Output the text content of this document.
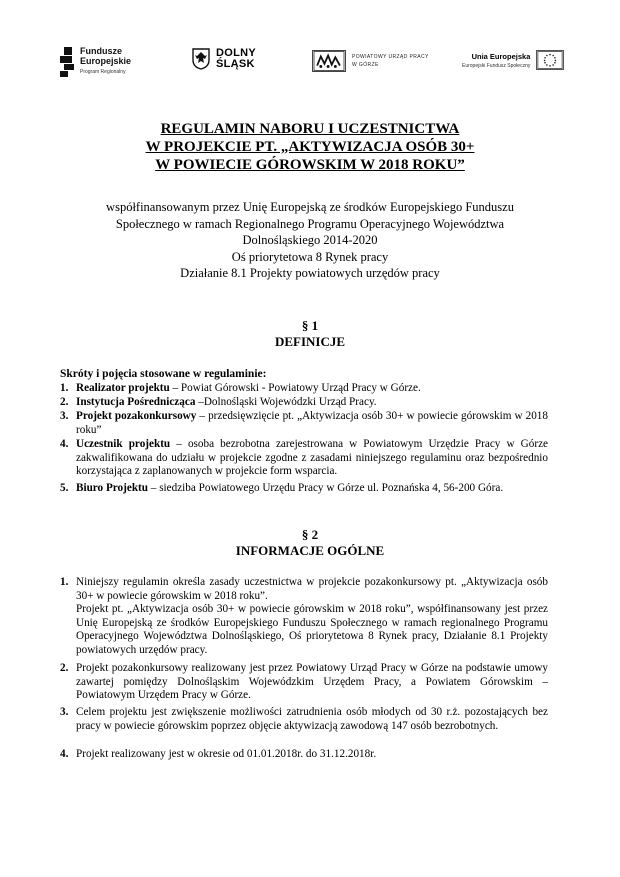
Fundusze
Europejskie
Program Regionalny
DOLNY
ŚLĄSK
POWIATOWY URZĄD PRACY
W GÓRZE
Unia Europejska
Europejski Fundusz Społeczny
REGULAMIN NABORU I UCZESTNICTWA
W PROJEKCIE PT. „AKTYWIZACJA OSÓB 30+
W POWIECIE GÓROWSKIM W 2018 ROKU”
współfinansowanym przez Unię Europejską ze środków Europejskiego Funduszu
Społecznego w ramach Regionalnego Programu Operacyjnego Województwa
Dolnośląskiego 2014-2020
Oś priorytetowa 8 Rynek pracy
Działanie 8.1 Projekty powiatowych urzędów pracy
§ 1
DEFINICJE
Skróty i pojęcia stosowane w regulaminie:
1. Realizator projektu – Powiat Górowski - Powiatowy Urząd Pracy w Górze.
2. Instytucja Pośrednicząca –Dolnośląski Wojewódzki Urząd Pracy.
3. Projekt pozakonkursowy – przedsięwzięcie pt. „Aktywizacja osób 30+ w powiecie górowskim w 2018 roku”
4. Uczestnik projektu – osoba bezrobotna zarejestrowana w Powiatowym Urzędzie Pracy w Górze zakwalifikowana do udziału w projekcie zgodne z zasadami niniejszego regulaminu oraz bezpośrednio korzystająca z zaplanowanych w projekcie form wsparcia.
5. Biuro Projektu – siedziba Powiatowego Urzędu Pracy w Górze ul. Poznańska 4, 56-200 Góra.
§ 2
INFORMACJE OGÓLNE
1. Niniejszy regulamin określa zasady uczestnictwa w projekcie pozakonkursowy pt. „Aktywizacja osób 30+ w powiecie górowskim w 2018 roku”.
Projekt pt. „Aktywizacja osób 30+ w powiecie górowskim w 2018 roku”, współfinansowany jest przez Unię Europejską ze środków Europejskiego Funduszu Społecznego w ramach regionalnego Programu Operacyjnego Województwa Dolnośląskiego, Oś priorytetowa 8 Rynek pracy, Działanie 8.1 Projekty powiatowych urzędów pracy.
2. Projekt pozakonkursowy realizowany jest przez Powiatowy Urząd Pracy w Górze na podstawie umowy zawartej pomiędzy Dolnośląskim Wojewódzkim Urzędem Pracy, a Powiatem Górowskim – Powiatowym Urzędem Pracy w Górze.
3. Celem projektu jest zwiększenie możliwości zatrudnienia osób młodych od 30 r.ż. pozostających bez pracy w powiecie górowskim poprzez objęcie aktywizacją zawodową 147 osób bezrobotnych.
4. Projekt realizowany jest w okresie od 01.01.2018r. do 31.12.2018r.
